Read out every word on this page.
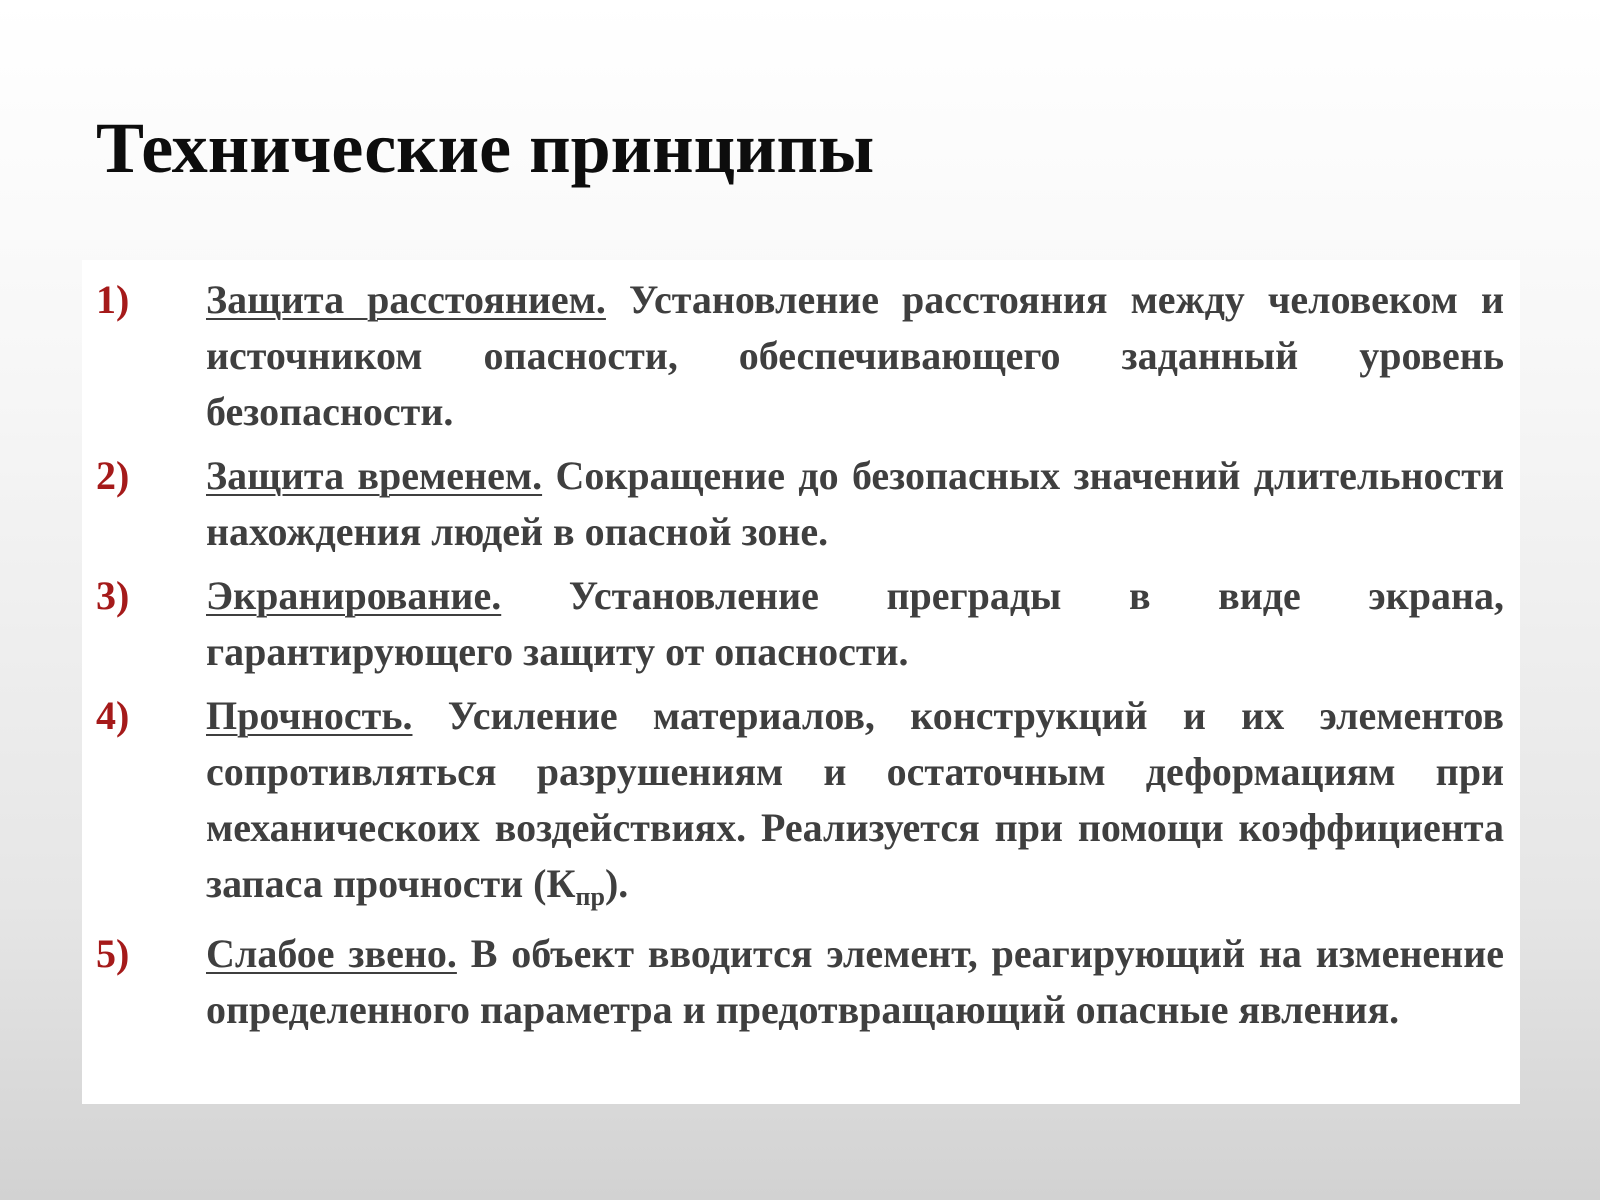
Технические принципы
1) Защита расстоянием. Установление расстояния между человеком и источником опасности, обеспечивающего заданный уровень безопасности.
2) Защита временем. Сокращение до безопасных значений длительности нахождения людей в опасной зоне.
3) Экранирование. Установление преграды в виде экрана, гарантирующего защиту от опасности.
4) Прочность. Усиление материалов, конструкций и их элементов сопротивляться разрушениям и остаточным деформациям при механическоих воздействиях. Реализуется при помощи коэффициента запаса прочности $(К_{пр})$.
5) Слабое звено. В объект вводится элемент, реагирующий на изменение определенного параметра и предотвращающий опасные явления.
